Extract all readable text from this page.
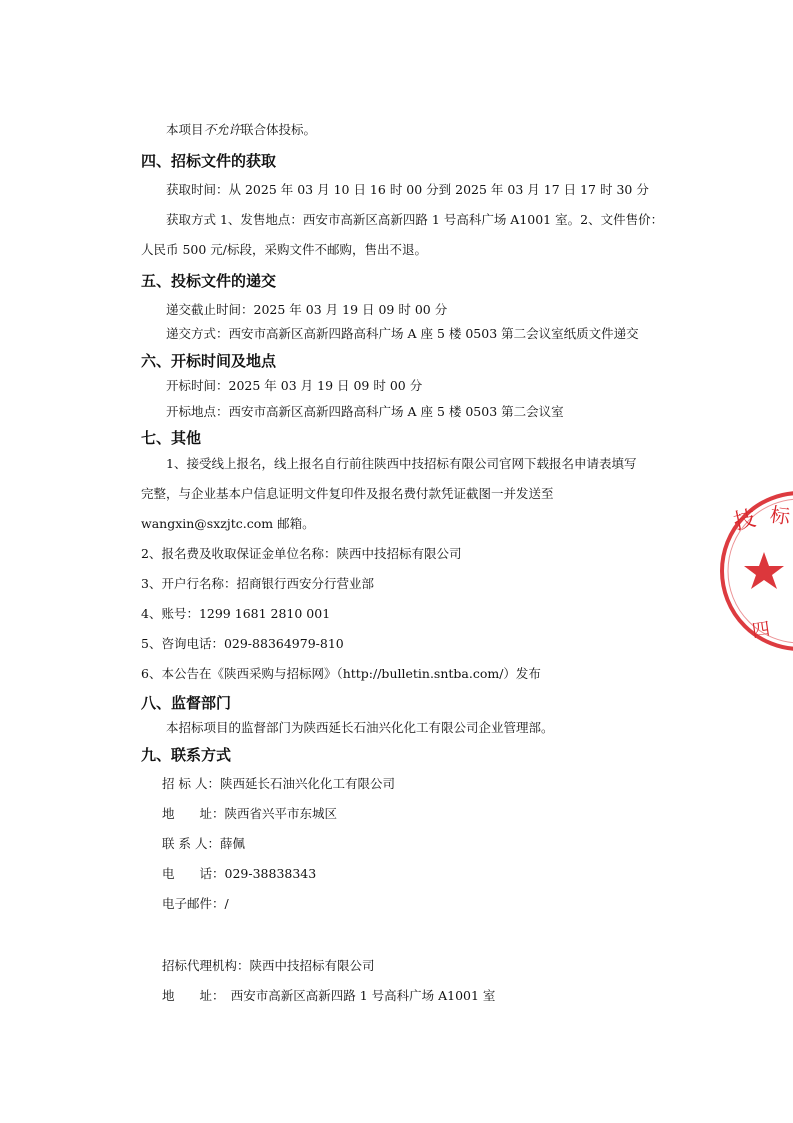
本项目不允许联合体投标。
四、招标文件的获取
获取时间：从 2025 年 03 月 10 日 16 时 00 分到 2025 年 03 月 17 日 17 时 30 分
获取方式 1、发售地点：西安市高新区高新四路 1 号高科广场 A1001 室。2、文件售价：
人民币 500 元/标段，采购文件不邮购，售出不退。
五、投标文件的递交
递交截止时间：2025 年 03 月 19 日 09 时 00 分
递交方式：西安市高新区高新四路高科广场 A 座 5 楼 0503 第二会议室纸质文件递交
六、开标时间及地点
开标时间：2025 年 03 月 19 日 09 时 00 分
开标地点：西安市高新区高新四路高科广场 A 座 5 楼 0503 第二会议室
七、其他
1、接受线上报名，线上报名自行前往陕西中技招标有限公司官网下载报名申请表填写
完整，与企业基本户信息证明文件复印件及报名费付款凭证截图一并发送至
wangxin@sxzjtc.com 邮箱。
2、报名费及收取保证金单位名称：陕西中技招标有限公司
3、开户行名称：招商银行西安分行营业部
4、账号：1299 1681 2810 001
5、咨询电话：029-88364979-810
6、本公告在《陕西采购与招标网》（http://bulletin.sntba.com/）发布
八、监督部门
本招标项目的监督部门为陕西延长石油兴化化工有限公司企业管理部。
九、联系方式
招 标 人：陕西延长石油兴化化工有限公司
地　　址：陕西省兴平市东城区
联 系 人：薛佩
电　　话：029-38838343
电子邮件：/
招标代理机构：陕西中技招标有限公司
地　　址：　西安市高新区高新四路 1 号高科广场 A1001 室
技 标
四
